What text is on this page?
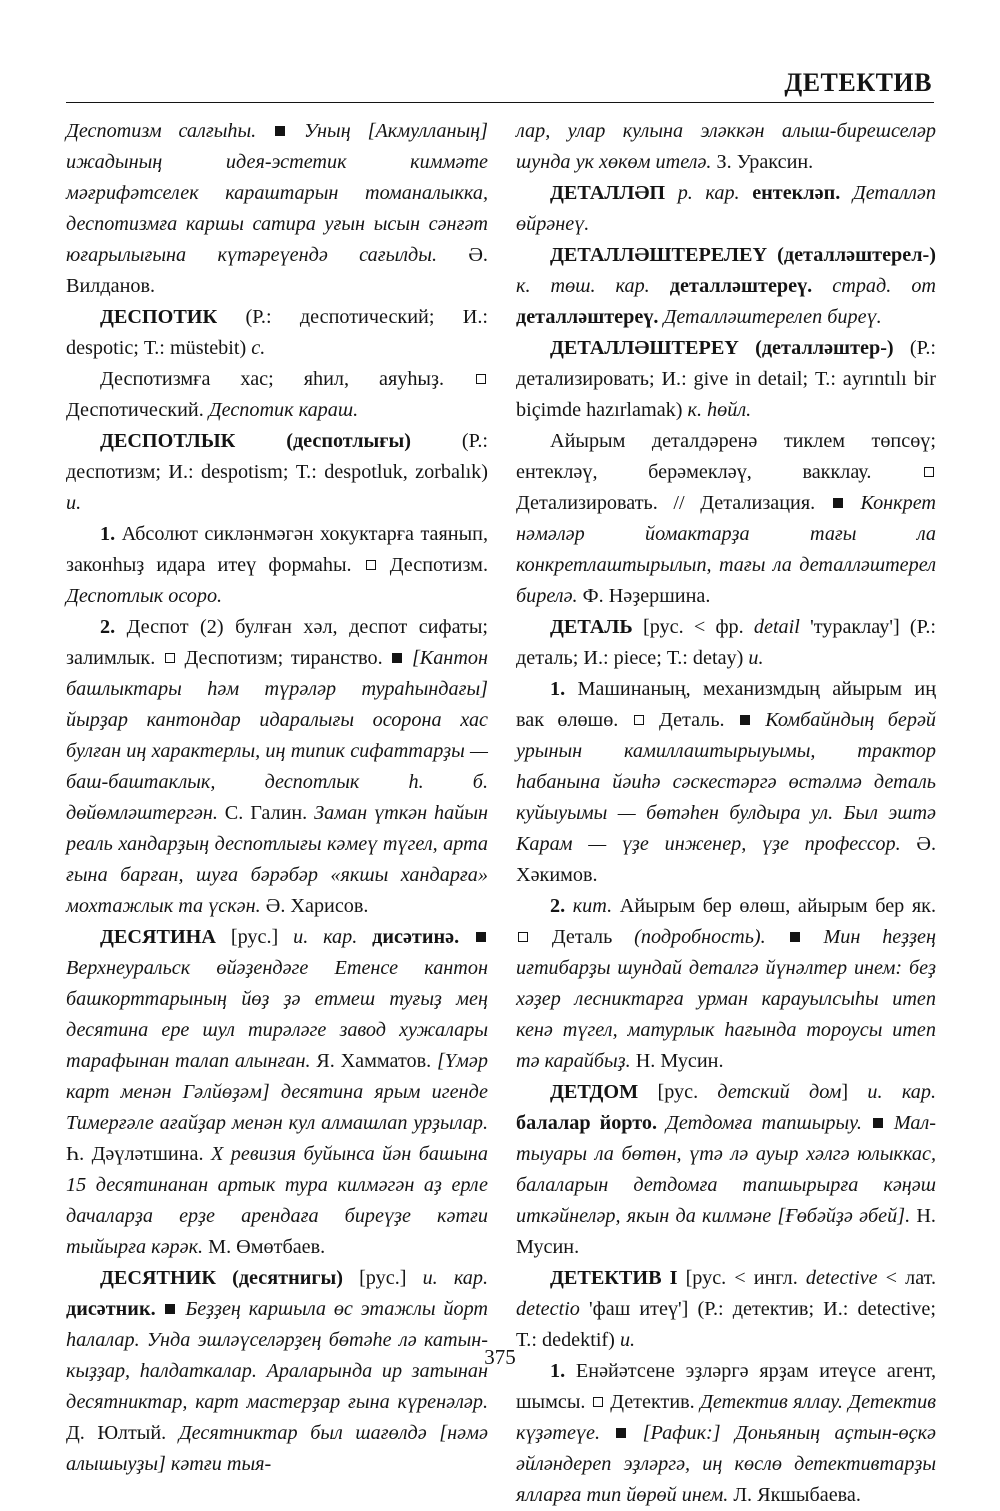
ДЕТЕКТИВ

Деспотизм салғыһы. Уның [Акмулланың] ижадының идея-эстетик киммәте мәғрифәтселек караштарын томаналыкка, деспотизмға каршы сатира уғын ысын сәнғәт юғарылығына күтәреүендә сағылды. Ә. Вилданов.

ДЕСПОТИК (Р.: деспотический; И.: despotic; Т.: müstebit) с.

Деспотизмға хас; яһил, аяуһыҙ.  Деспотический. Деспотик караш.

ДЕСПОТЛЫК (деспотлығы) (Р.: деспотизм; И.: despotism; Т.: despotluk, zorbalık) и.

1. Абсолют сикләнмәгән хокуктарға таянып, законһыҙ идара итеү формаһы.  Деспотизм. Деспотлык осоро.

2. Деспот (2) булған хәл, деспот сифаты; залимлык.  Деспотизм; тиранство.  [Кантон башлыктары һәм түрәләр турaһындағы] йырҙар кантондар идаралығы осорона хас булған иң характерлы, иң типик сифаттарҙы — баш-баштаклык, деспотлык һ. б. дөйөмләштергән. С. Галин. Заман үткән һайын реаль хандарҙың деспотлығы кәмеү түгел, арта ғына барған, шуға бәрәбәр «якшы хандарға» мохтажлык та үскән. Ә. Харисов.

ДЕСЯТИНА [рус.] и. кар. дисәтинә.  Верхнеуральск өйәҙендәге Етенсе кантон башкорттарының йөҙ ҙә етмеш туғыҙ мең десятина ере шул тирәләге завод хужалары тарафынан талап алынған. Я. Хамматов. [Үмәр карт менән Гәлйөҙәм] десятина ярым игенде Тимерғәле ағайҙар менән кул алмашлап урҙылар. Һ. Дәүләтшина. X ревизия буйынса йән башына 15 десятинанан артык тура килмәгән аҙ ерле дачаларҙа ерҙе арендаға биреүҙе кәтғи тыйырға кәрәк. М. Өмөтбаев.

ДЕСЯТНИК (десятнигы) [рус.] и. кар. дисәтник. Беҙҙең каршыла өс этажлы йорт һалалар. Унда эшләүселәрҙең бөтәһе лә катын-кыҙҙар, һалдаткалар. Араларында ир затынан десятниктар, карт мастерҙар ғына күренәләр. Д. Юлтый. Десятниктар был шағөлдә [нәмә алышыуҙы] кәтғи тыя-

лар, улар кулына эләккән алыш-бирешселәр шунда ук хөкөм ителә. З. Ураксин.

ДЕТАЛЛӘП р. кар. ентекләп. Деталләп өйрәнеү.

ДЕТАЛЛӘШТЕРЕЛЕҮ (деталләштерел-) к. төш. кар. деталләштереү. страд. от деталләштереү. Деталләштерелеп биреү.

ДЕТАЛЛӘШТЕРЕҮ (деталләштер-) (Р.: детализировать; И.: give in detail; Т.: ayrıntılı bir biçimde hazırlamak) к. һөйл.

Айырым деталдәренә тиклем төпсөү; ентекләү, берәмекләү, вакклау.  Детализировать. // Детализация.  Конкрет нәмәләр йомактарҙа тағы ла конкретлаштырылып, тағы ла деталләштерел бирелә. Ф. Нәҙершина.

ДЕТАЛЬ [рус. < фр. detail 'тураклау'] (Р.: деталь; И.: piece; Т.: detay) и.

1. Машинаның, механизмдың айырым иң вак өлөшө.  Деталь.  Комбайндың берәй урынын камиллаштырыуымы, трактор һабанына йәиһә сәскестәргә өстәлмә деталь куйыуымы — бөтәһен булдыра ул. Был эштә Карам — үҙе инженер, үҙе профессор. Ә. Хәкимов.

2. кит. Айырым бер өлөш, айырым бер як.  Деталь (подробность).	Мин һеҙҙең иғтибарҙы шундай деталгә йүнәлтер инем: беҙ хәҙер лесниктарға урман карауылсыһы итеп кенә түгел, матурлык һағында тороусы итеп тә карайбыҙ. Н. Мусин.

ДЕТДОМ [рус. детский дом] и. кар. балалар йорто. Детдомға тапшырыу.  Мал-тыуары ла бөтөн, үтә лә ауыр хәлгә юлыккас, балаларын детдомға тапшырырға кәңәш иткәйнеләр, якын да килмәне [Ғөбәйҙә әбей]. Н. Мусин.

ДЕТЕКТИВ I [рус. < ингл. detective < лат. detectio 'фаш итеү'] (Р.: детектив; И.: detective; Т.: dedektif) и.

1. Енәйәтсене эҙләргә ярҙам итеүсе агент, шымсы.  Детектив. Детектив яллау. Детектив күҙәтеүе.  [Рафик:] Доньяның аҫтын-өҫкә әйләндереп эҙләргә, иң көслө детективтарҙы ялларға тип йөрөй инем. Л. Якшыбаева.

375
